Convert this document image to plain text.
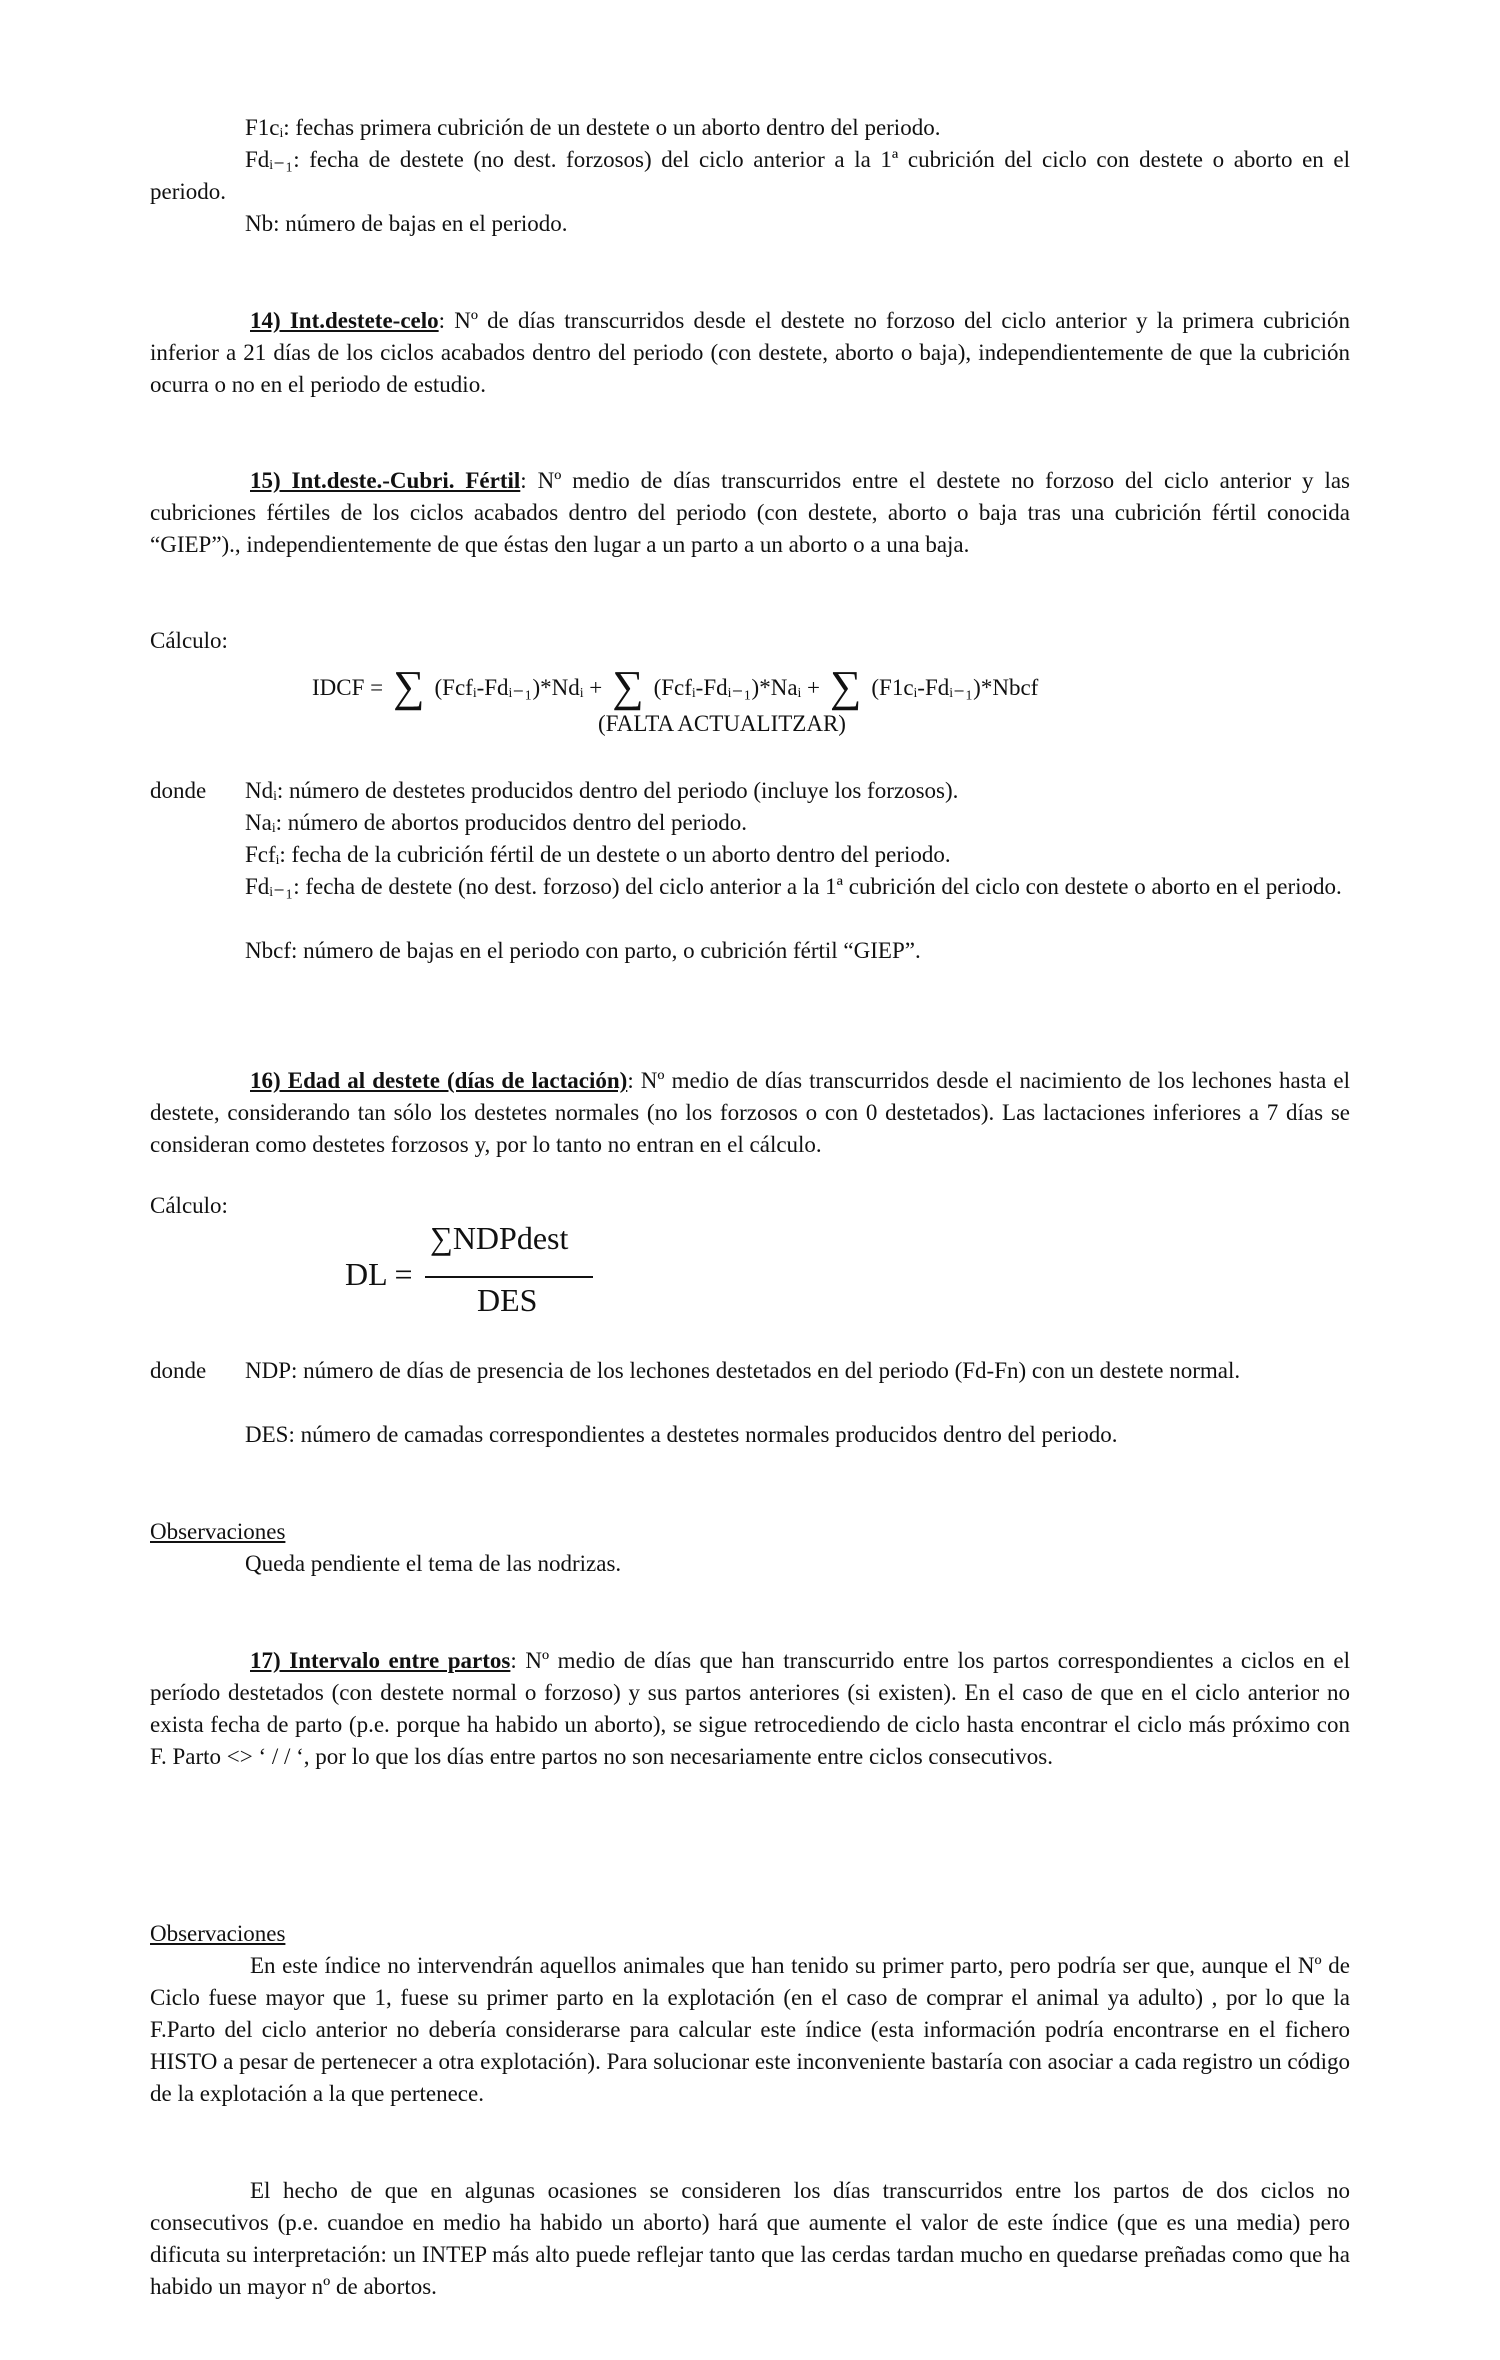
F1cᵢ: fechas primera cubrición de un destete o un aborto dentro del periodo.

Fdᵢ₋₁: fecha de destete (no dest. forzosos) del ciclo anterior a la 1ª cubrición del ciclo con destete o aborto en el periodo.

Nb: número de bajas en el periodo.

14) Int.destete-celo: Nº de días transcurridos desde el destete no forzoso del ciclo anterior y la primera cubrición inferior a 21 días de los ciclos acabados dentro del periodo (con destete, aborto o baja), independientemente de que la cubrición ocurra o no en el periodo de estudio.

15) Int.deste.-Cubri. Fértil: Nº medio de días transcurridos entre el destete no forzoso del ciclo anterior y las cubriciones fértiles de los ciclos acabados dentro del periodo (con destete, aborto o baja tras una cubrición fértil conocida “GIEP”)., independientemente de que éstas den lugar a un parto a un aborto o a una baja.

Cálculo:

IDCF = ∑ (Fcfᵢ-Fdᵢ₋₁)*Ndᵢ + ∑ (Fcfᵢ-Fdᵢ₋₁)*Naᵢ + ∑ (F1cᵢ-Fdᵢ₋₁)*Nbcf
(FALTA ACTUALITZAR)

donde Ndᵢ: número de destetes producidos dentro del periodo (incluye los forzosos).

Naᵢ: número de abortos producidos dentro del periodo.

Fcfᵢ: fecha de la cubrición fértil de un destete o un aborto dentro del periodo.

Fdᵢ₋₁: fecha de destete (no dest. forzoso) del ciclo anterior a la 1ª cubrición del ciclo con destete o aborto en el periodo.

Nbcf: número de bajas en el periodo con parto, o cubrición fértil “GIEP”.

16) Edad al destete (días de lactación): Nº medio de días transcurridos desde el nacimiento de los lechones hasta el destete, considerando tan sólo los destetes normales (no los forzosos o con 0 destetados). Las lactaciones inferiores a 7 días se consideran como destetes forzosos y, por lo tanto no entran en el cálculo.

Cálculo:

DL =
∑NDPdest
DES

donde NDP: número de días de presencia de los lechones destetados en del periodo (Fd-Fn) con un destete normal.

DES: número de camadas correspondientes a destetes normales producidos dentro del periodo.

Observaciones

Queda pendiente el tema de las nodrizas.

17) Intervalo entre partos: Nº medio de días que han transcurrido entre los partos correspondientes a ciclos en el período destetados (con destete normal o forzoso) y sus partos anteriores (si existen). En el caso de que en el ciclo anterior no exista fecha de parto (p.e. porque ha habido un aborto), se sigue retrocediendo de ciclo hasta encontrar el ciclo más próximo con F. Parto <> ‘ / / ‘, por lo que los días entre partos no son necesariamente entre ciclos consecutivos.

Observaciones

En este índice no intervendrán aquellos animales que han tenido su primer parto, pero podría ser que, aunque el Nº de Ciclo fuese mayor que 1, fuese su primer parto en la explotación (en el caso de comprar el animal ya adulto) , por lo que la F.Parto del ciclo anterior no debería considerarse para calcular este índice (esta información podría encontrarse en el fichero HISTO a pesar de pertenecer a otra explotación). Para solucionar este inconveniente bastaría con asociar a cada registro un código de la explotación a la que pertenece.

El hecho de que en algunas ocasiones se consideren los días transcurridos entre los partos de dos ciclos no consecutivos (p.e. cuandoe en medio ha habido un aborto) hará que aumente el valor de este índice (que es una media) pero dificuta su interpretación: un INTEP más alto puede reflejar tanto que las cerdas tardan mucho en quedarse preñadas como que ha habido un mayor nº de abortos.
